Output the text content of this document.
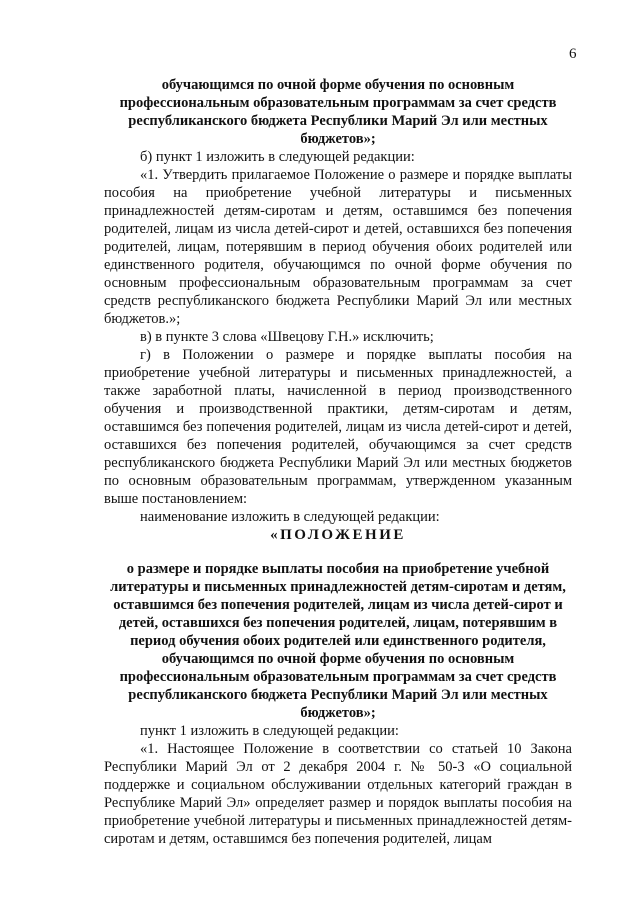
6

обучающимся по очной форме обучения по основным профессиональным образовательным программам за счет средств республиканского бюджета Республики Марий Эл или местных бюджетов»;

б) пункт 1 изложить в следующей редакции:

«1. Утвердить прилагаемое Положение о размере и порядке выплаты пособия на приобретение учебной литературы и письменных принадлежностей детям-сиротам и детям, оставшимся без попечения родителей, лицам из числа детей-сирот и детей, оставшихся без попечения родителей, лицам, потерявшим в период обучения обоих родителей или единственного родителя, обучающимся по очной форме обучения по основным профессиональным образовательным программам за счет средств республиканского бюджета Республики Марий Эл или местных бюджетов.»;

в) в пункте 3 слова «Швецову Г.Н.» исключить;

г) в Положении о размере и порядке выплаты пособия на приобретение учебной литературы и письменных принадлежностей, а также заработной платы, начисленной в период производственного обучения и производственной практики, детям-сиротам и детям, оставшимся без попечения родителей, лицам из числа детей-сирот и детей, оставшихся без попечения родителей, обучающимся за счет средств республиканского бюджета Республики Марий Эл или местных бюджетов по основным образовательным программам, утвержденном указанным выше постановлением:

наименование изложить в следующей редакции:

«ПОЛОЖЕНИЕ

о размере и порядке выплаты пособия на приобретение учебной литературы и письменных принадлежностей детям-сиротам и детям, оставшимся без попечения родителей, лицам из числа детей-сирот и детей, оставшихся без попечения родителей, лицам, потерявшим в период обучения обоих родителей или единственного родителя, обучающимся по очной форме обучения по основным профессиональным образовательным программам за счет средств республиканского бюджета Республики Марий Эл или местных бюджетов»;

пункт 1 изложить в следующей редакции:

«1. Настоящее Положение в соответствии со статьей 10 Закона Республики Марий Эл от 2 декабря 2004 г. № 50-З «О социальной поддержке и социальном обслуживании отдельных категорий граждан в Республике Марий Эл» определяет размер и порядок выплаты пособия на приобретение учебной литературы и письменных принадлежностей детям-сиротам и детям, оставшимся без попечения родителей, лицам
